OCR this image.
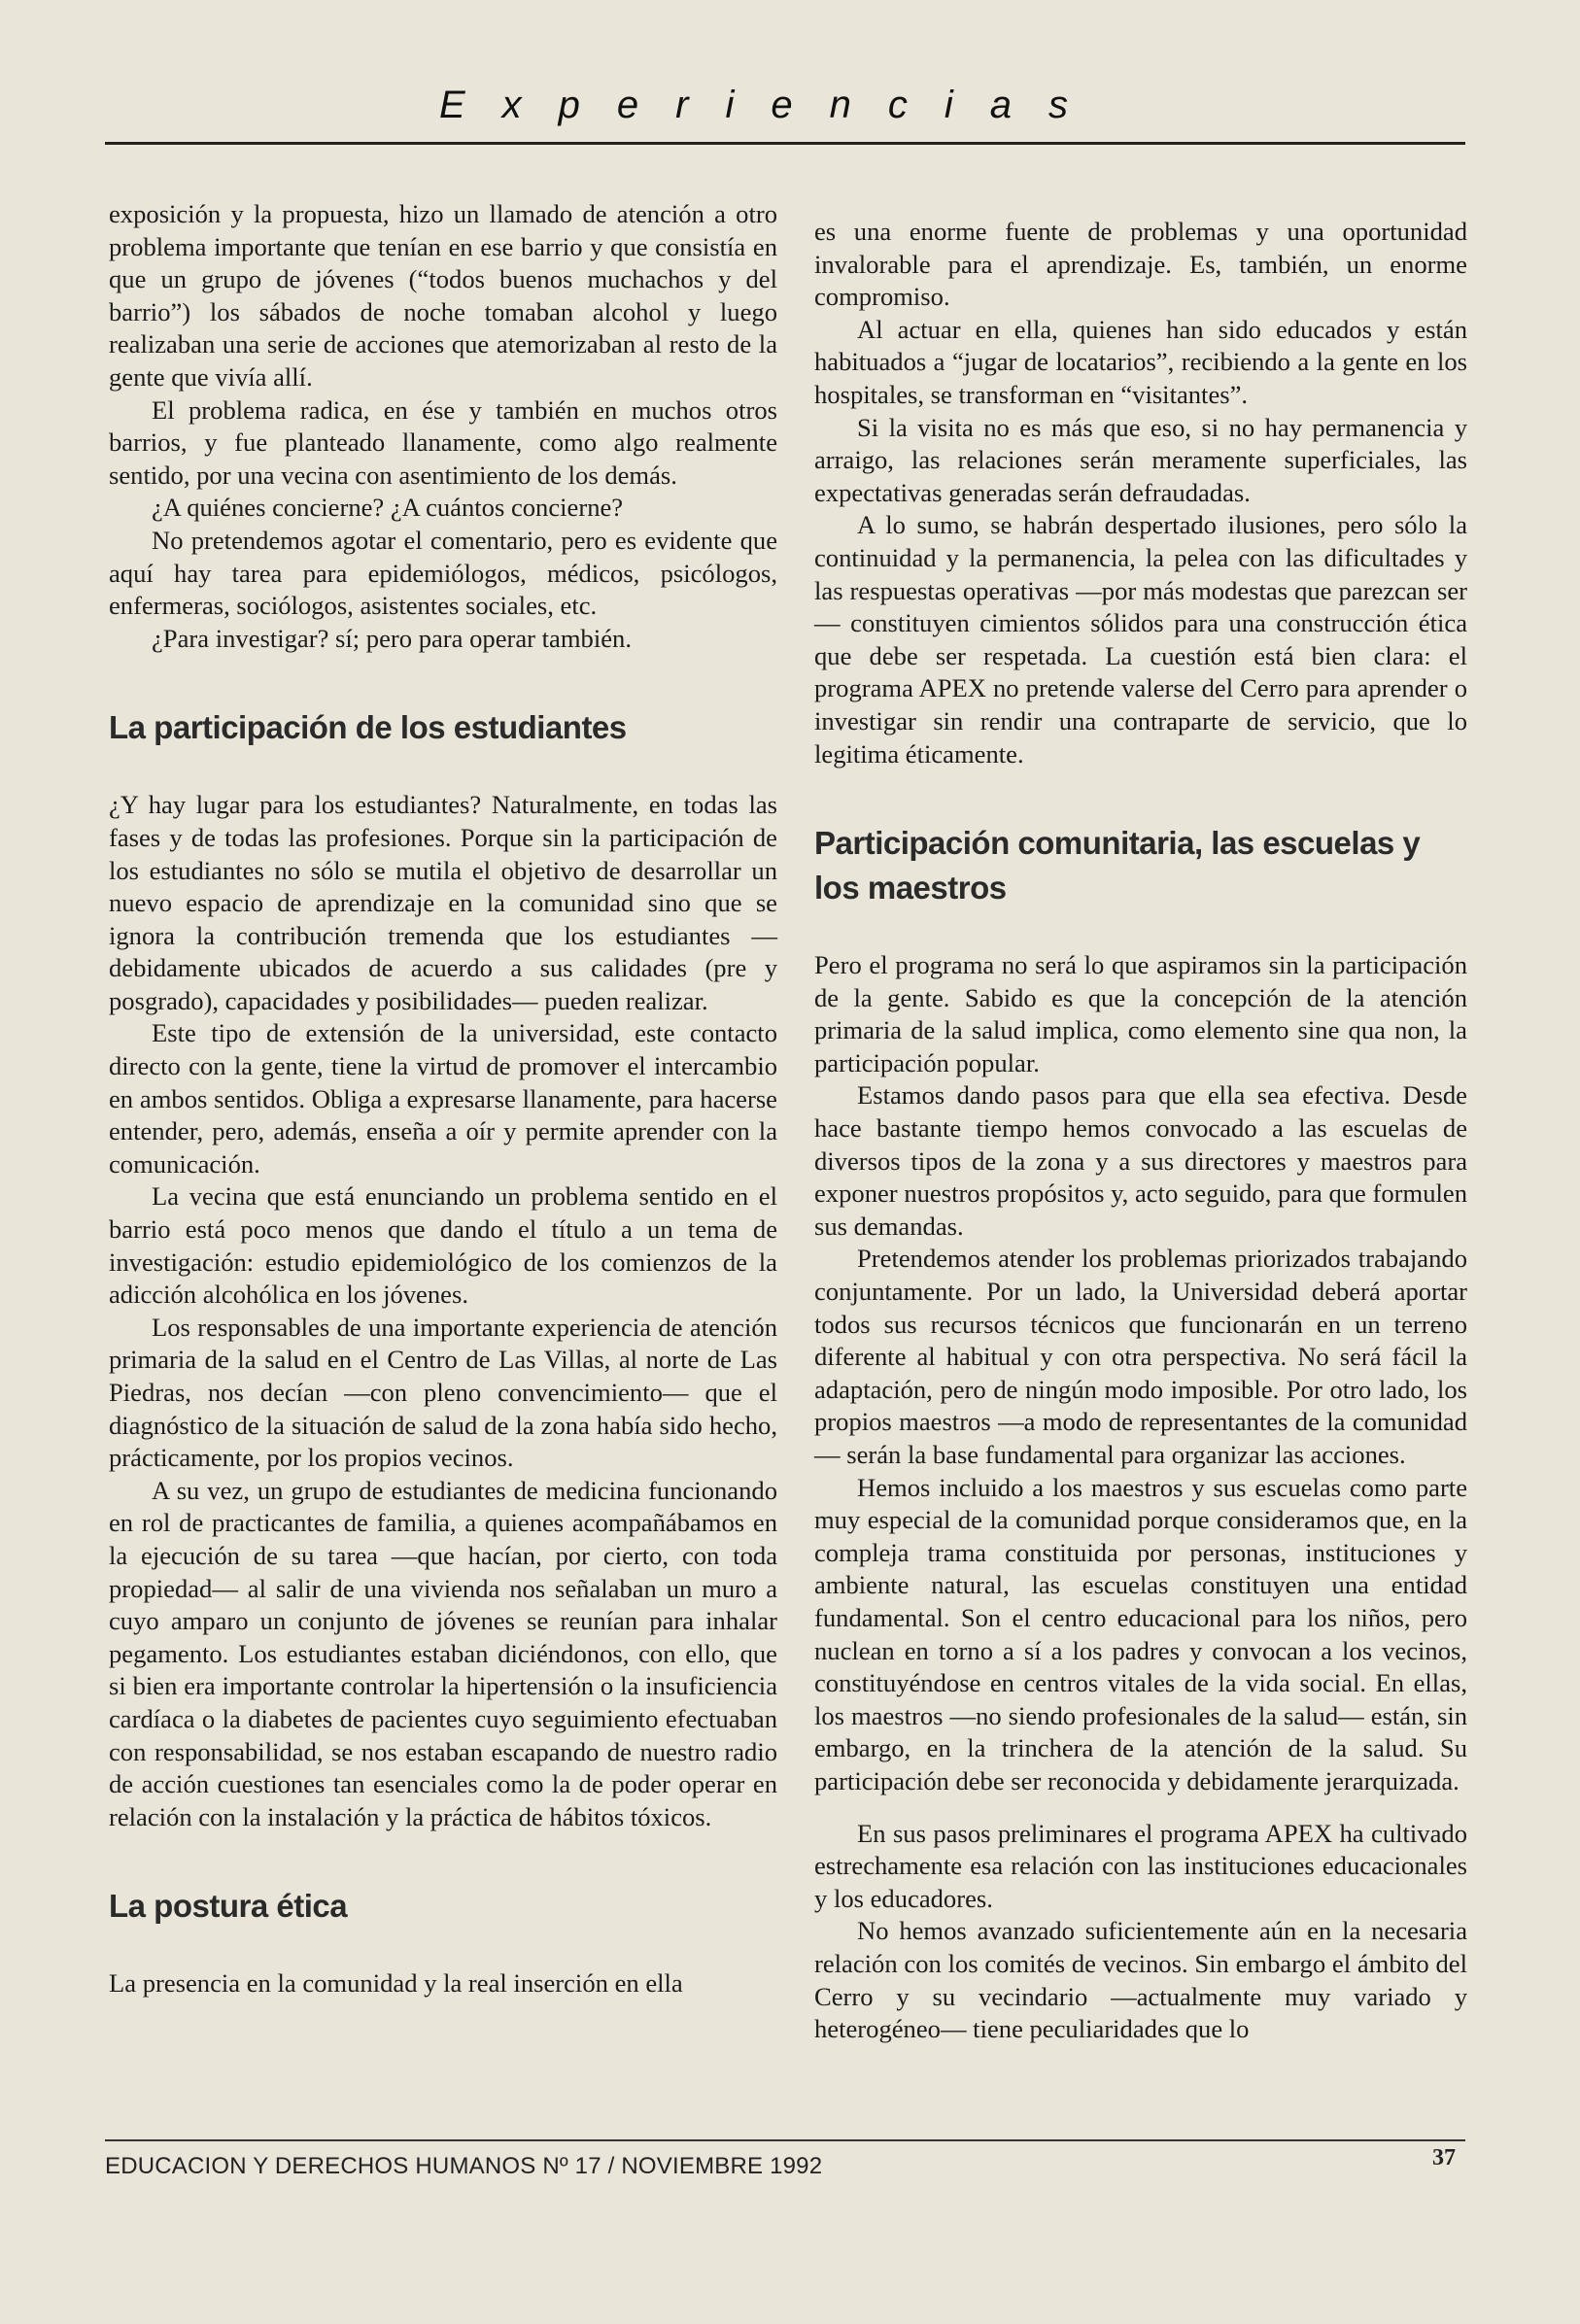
Experiencias

exposición y la propuesta, hizo un llamado de atención a otro problema importante que tenían en ese barrio y que consistía en que un grupo de jóvenes (“todos buenos muchachos y del barrio”) los sábados de noche tomaban alcohol y luego realizaban una serie de acciones que atemorizaban al resto de la gente que vivía allí.

El problema radica, en ése y también en muchos otros barrios, y fue planteado llanamente, como algo realmente sentido, por una vecina con asentimiento de los demás.

¿A quiénes concierne? ¿A cuántos concierne?

No pretendemos agotar el comentario, pero es evidente que aquí hay tarea para epidemiólogos, médicos, psicólogos, enfermeras, sociólogos, asistentes sociales, etc.

¿Para investigar? sí; pero para operar también.

La participación de los estudiantes

¿Y hay lugar para los estudiantes? Naturalmente, en todas las fases y de todas las profesiones. Porque sin la participación de los estudiantes no sólo se mutila el objetivo de desarrollar un nuevo espacio de aprendizaje en la comunidad sino que se ignora la contribución tremenda que los estudiantes —debidamente ubicados de acuerdo a sus calidades (pre y posgrado), capacidades y posibilidades— pueden realizar.

Este tipo de extensión de la universidad, este contacto directo con la gente, tiene la virtud de promover el intercambio en ambos sentidos. Obliga a expresarse llanamente, para hacerse entender, pero, además, enseña a oír y permite aprender con la comunicación.

La vecina que está enunciando un problema sentido en el barrio está poco menos que dando el título a un tema de investigación: estudio epidemiológico de los comienzos de la adicción alcohólica en los jóvenes.

Los responsables de una importante experiencia de atención primaria de la salud en el Centro de Las Villas, al norte de Las Piedras, nos decían —con pleno convencimiento— que el diagnóstico de la situación de salud de la zona había sido hecho, prácticamente, por los propios vecinos.

A su vez, un grupo de estudiantes de medicina funcionando en rol de practicantes de familia, a quienes acompañábamos en la ejecución de su tarea —que hacían, por cierto, con toda propiedad— al salir de una vivienda nos señalaban un muro a cuyo amparo un conjunto de jóvenes se reunían para inhalar pegamento. Los estudiantes estaban diciéndonos, con ello, que si bien era importante controlar la hipertensión o la insuficiencia cardíaca o la diabetes de pacientes cuyo seguimiento efectuaban con responsabilidad, se nos estaban escapando de nuestro radio de acción cuestiones tan esenciales como la de poder operar en relación con la instalación y la práctica de hábitos tóxicos.

La postura ética

La presencia en la comunidad y la real inserción en ella

es una enorme fuente de problemas y una oportunidad invalorable para el aprendizaje. Es, también, un enorme compromiso.

Al actuar en ella, quienes han sido educados y están habituados a “jugar de locatarios”, recibiendo a la gente en los hospitales, se transforman en “visitantes”.

Si la visita no es más que eso, si no hay permanencia y arraigo, las relaciones serán meramente superficiales, las expectativas generadas serán defraudadas.

A lo sumo, se habrán despertado ilusiones, pero sólo la continuidad y la permanencia, la pelea con las dificultades y las respuestas operativas —por más modestas que parezcan ser— constituyen cimientos sólidos para una construcción ética que debe ser respetada. La cuestión está bien clara: el programa APEX no pretende valerse del Cerro para aprender o investigar sin rendir una contraparte de servicio, que lo legitima éticamente.

Participación comunitaria, las escuelas y los maestros

Pero el programa no será lo que aspiramos sin la participación de la gente. Sabido es que la concepción de la atención primaria de la salud implica, como elemento sine qua non, la participación popular.

Estamos dando pasos para que ella sea efectiva. Desde hace bastante tiempo hemos convocado a las escuelas de diversos tipos de la zona y a sus directores y maestros para exponer nuestros propósitos y, acto seguido, para que formulen sus demandas.

Pretendemos atender los problemas priorizados trabajando conjuntamente. Por un lado, la Universidad deberá aportar todos sus recursos técnicos que funcionarán en un terreno diferente al habitual y con otra perspectiva. No será fácil la adaptación, pero de ningún modo imposible. Por otro lado, los propios maestros —a modo de representantes de la comunidad— serán la base fundamental para organizar las acciones.

Hemos incluido a los maestros y sus escuelas como parte muy especial de la comunidad porque consideramos que, en la compleja trama constituida por personas, instituciones y ambiente natural, las escuelas constituyen una entidad fundamental. Son el centro educacional para los niños, pero nuclean en torno a sí a los padres y convocan a los vecinos, constituyéndose en centros vitales de la vida social. En ellas, los maestros —no siendo profesionales de la salud— están, sin embargo, en la trinchera de la atención de la salud. Su participación debe ser reconocida y debidamente jerarquizada.

En sus pasos preliminares el programa APEX ha cultivado estrechamente esa relación con las instituciones educacionales y los educadores.

No hemos avanzado suficientemente aún en la necesaria relación con los comités de vecinos. Sin embargo el ámbito del Cerro y su vecindario —actualmente muy variado y heterogéneo— tiene peculiaridades que lo

EDUCACION Y DERECHOS HUMANOS Nº 17 / NOVIEMBRE 1992	37
